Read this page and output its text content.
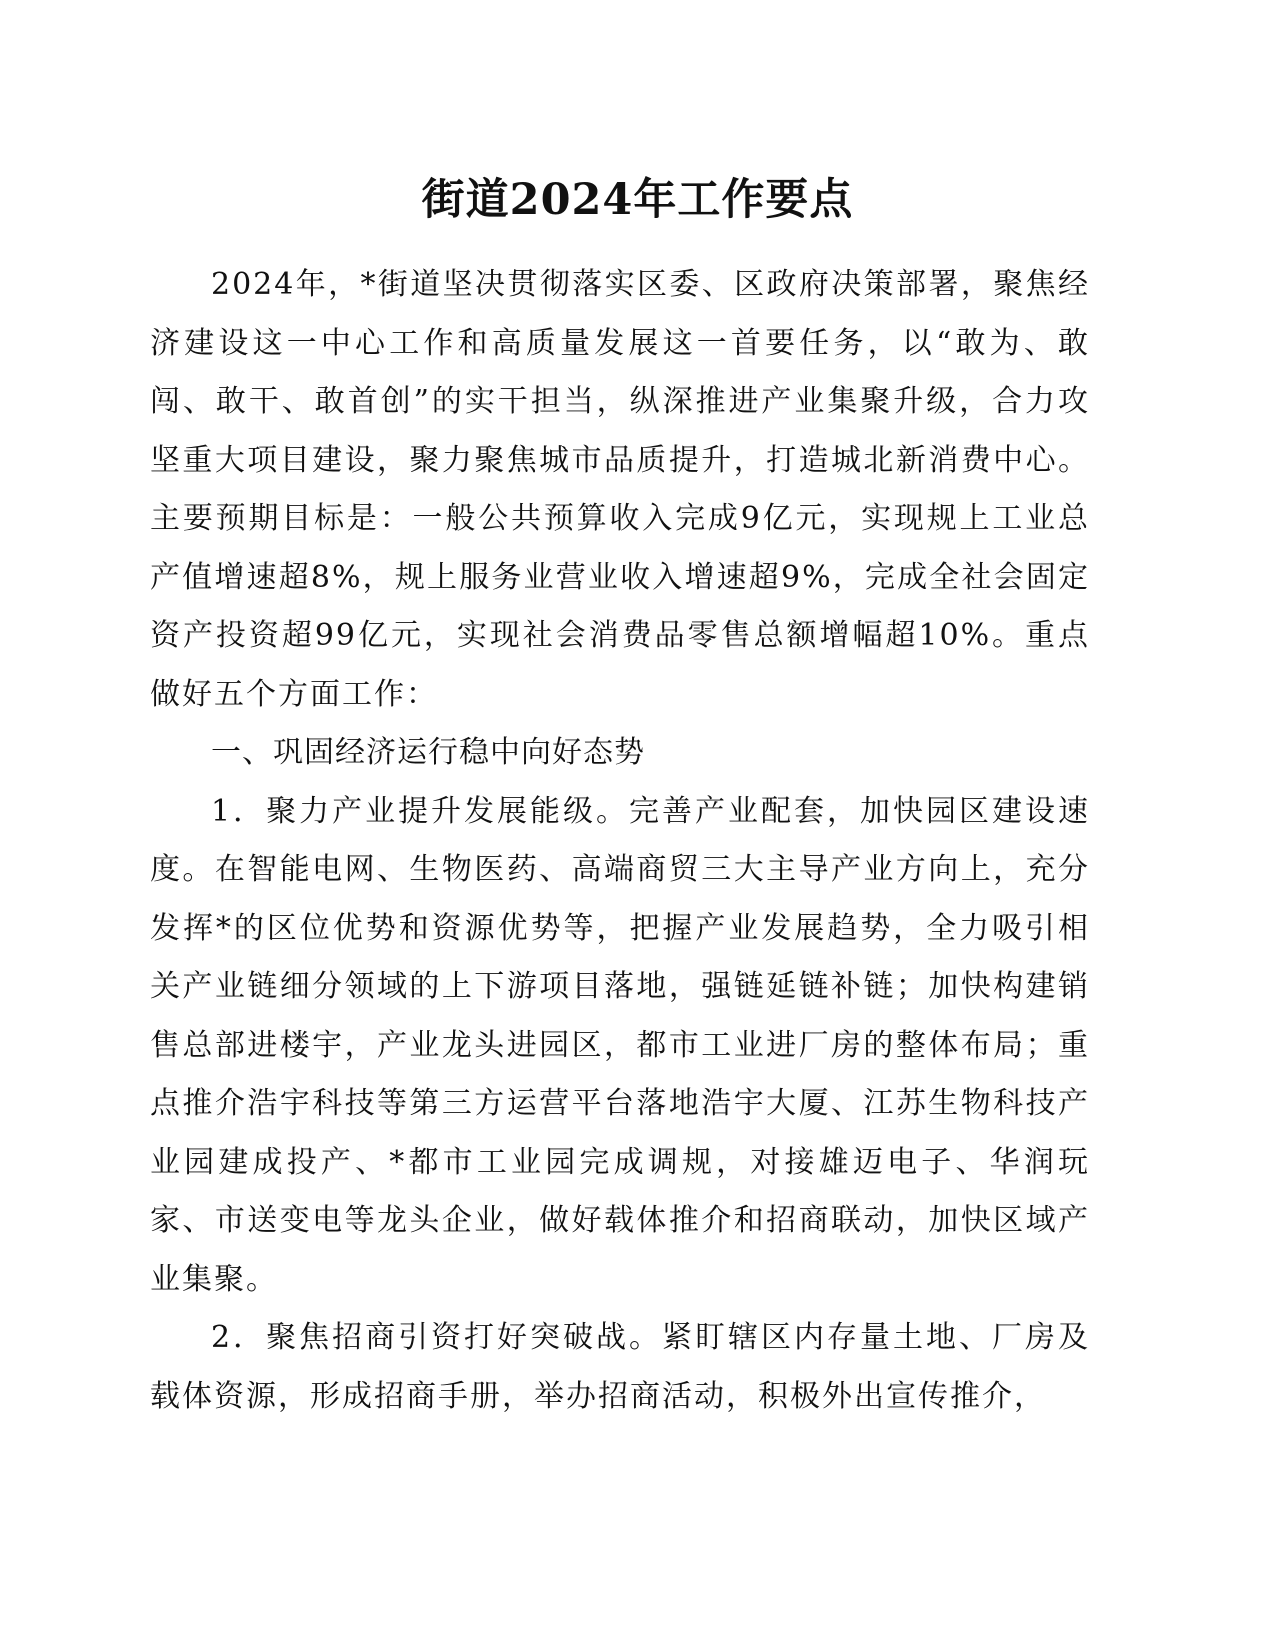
街道2024年工作要点

2024年，*街道坚决贯彻落实区委、区政府决策部署，聚焦经济建设这一中心工作和高质量发展这一首要任务，以“敢为、敢闯、敢干、敢首创”的实干担当，纵深推进产业集聚升级，合力攻坚重大项目建设，聚力聚焦城市品质提升，打造城北新消费中心。主要预期目标是：一般公共预算收入完成9亿元，实现规上工业总产值增速超8%，规上服务业营业收入增速超9%，完成全社会固定资产投资超99亿元，实现社会消费品零售总额增幅超10%。重点做好五个方面工作：

一、巩固经济运行稳中向好态势

1．聚力产业提升发展能级。完善产业配套，加快园区建设速度。在智能电网、生物医药、高端商贸三大主导产业方向上，充分发挥*的区位优势和资源优势等，把握产业发展趋势，全力吸引相关产业链细分领域的上下游项目落地，强链延链补链；加快构建销售总部进楼宇，产业龙头进园区，都市工业进厂房的整体布局；重点推介浩宇科技等第三方运营平台落地浩宇大厦、江苏生物科技产业园建成投产、*都市工业园完成调规，对接雄迈电子、华润玩家、市送变电等龙头企业，做好载体推介和招商联动，加快区域产业集聚。

2．聚焦招商引资打好突破战。紧盯辖区内存量土地、厂房及载体资源，形成招商手册，举办招商活动，积极外出宣传推介，
